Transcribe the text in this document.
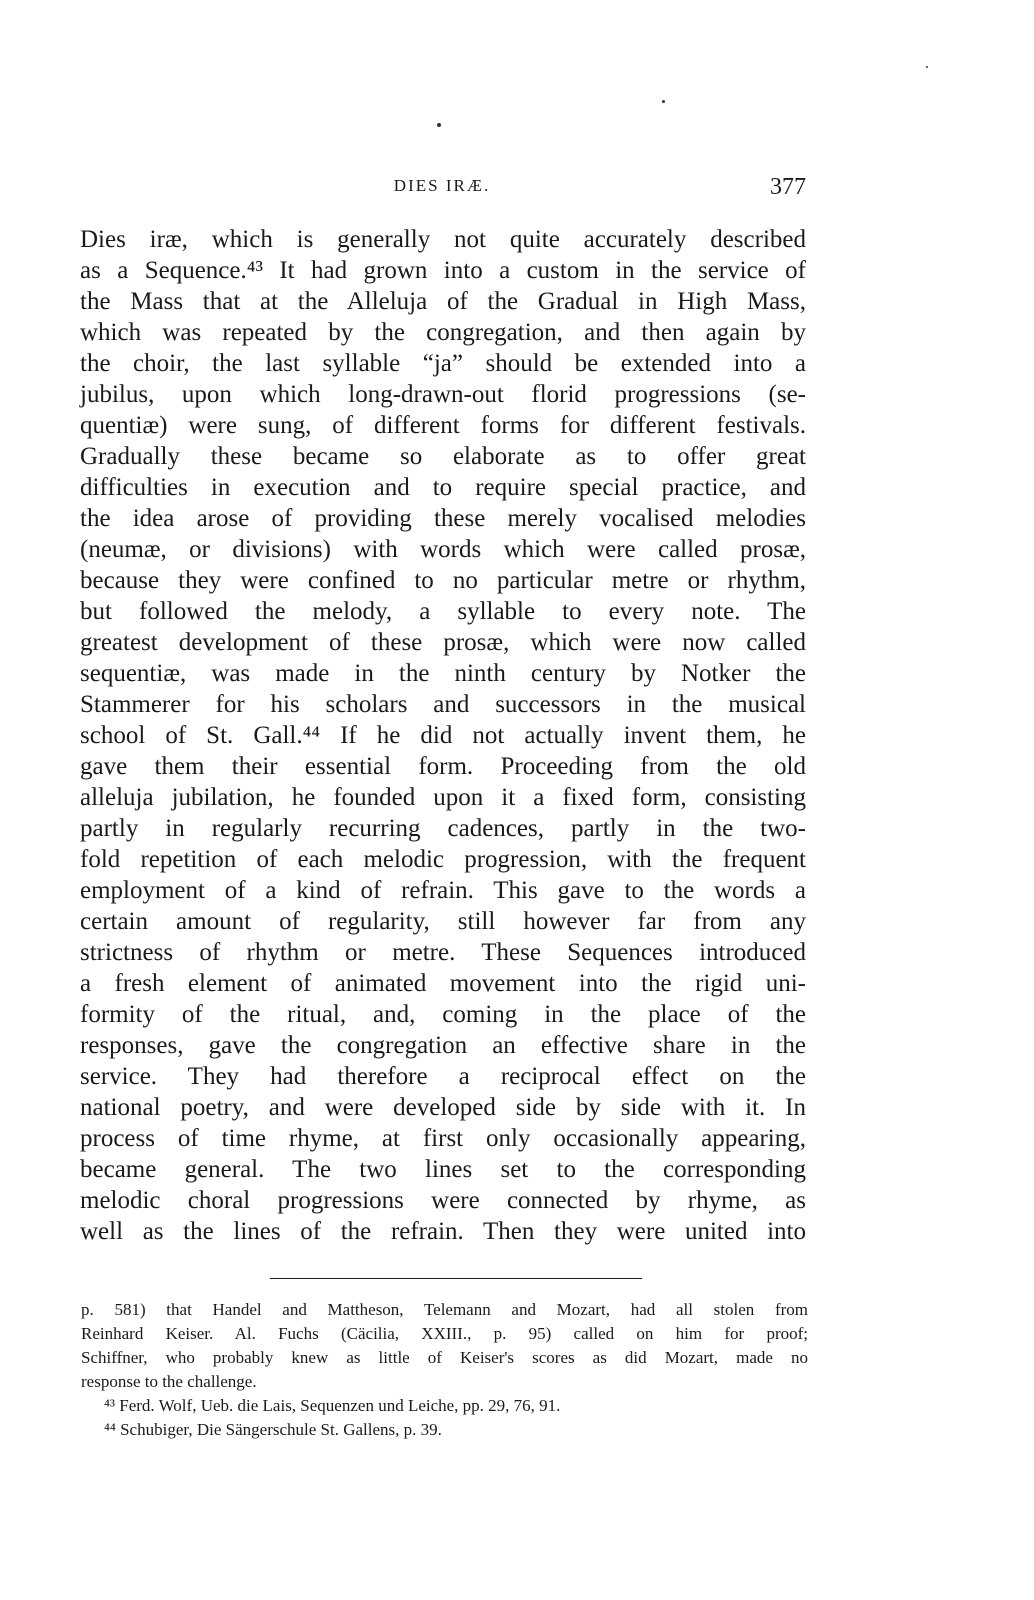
DIES IRÆ.	377
Dies iræ, which is generally not quite accurately described
as a Sequence.⁴³ It had grown into a custom in the service of
the Mass that at the Alleluja of the Gradual in High Mass,
which was repeated by the congregation, and then again by
the choir, the last syllable “ja” should be extended into a
jubilus, upon which long-drawn-out florid progressions (se-
quentiæ) were sung, of different forms for different festivals.
Gradually these became so elaborate as to offer great
difficulties in execution and to require special practice, and
the idea arose of providing these merely vocalised melodies
(neumæ, or divisions) with words which were called prosæ,
because they were confined to no particular metre or rhythm,
but followed the melody, a syllable to every note. The
greatest development of these prosæ, which were now called
sequentiæ, was made in the ninth century by Notker the
Stammerer for his scholars and successors in the musical
school of St. Gall.⁴⁴ If he did not actually invent them, he
gave them their essential form. Proceeding from the old
alleluja jubilation, he founded upon it a fixed form, consisting
partly in regularly recurring cadences, partly in the two-
fold repetition of each melodic progression, with the frequent
employment of a kind of refrain. This gave to the words a
certain amount of regularity, still however far from any
strictness of rhythm or metre. These Sequences introduced
a fresh element of animated movement into the rigid uni-
formity of the ritual, and, coming in the place of the
responses, gave the congregation an effective share in the
service. They had therefore a reciprocal effect on the
national poetry, and were developed side by side with it. In
process of time rhyme, at first only occasionally appearing,
became general. The two lines set to the corresponding
melodic choral progressions were connected by rhyme, as
well as the lines of the refrain. Then they were united into
p. 581) that Handel and Mattheson, Telemann and Mozart, had all stolen from
Reinhard Keiser. Al. Fuchs (Cäcilia, XXIII., p. 95) called on him for proof;
Schiffner, who probably knew as little of Keiser's scores as did Mozart, made no
response to the challenge.
⁴³ Ferd. Wolf, Ueb. die Lais, Sequenzen und Leiche, pp. 29, 76, 91.
⁴⁴ Schubiger, Die Sängerschule St. Gallens, p. 39.
